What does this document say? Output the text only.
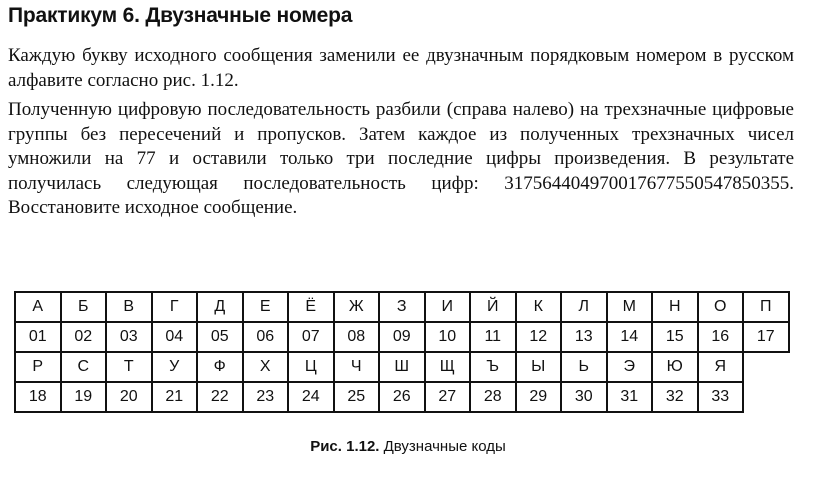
Практикум 6. Двузначные номера
Каждую букву исходного сообщения заменили ее двузначным порядковым номером в русском алфавите согласно рис. 1.12.
Полученную цифровую последовательность разбили (справа налево) на трехзначные цифровые группы без пересечений и пропусков. Затем каждое из полученных трехзначных чисел умножили на 77 и оставили только три последние цифры произведения. В результате получилась следующая последовательность цифр: 317564404970017677550547850355. Восстановите исходное сообщение.
А	Б	В	Г	Д	Е	Ё	Ж	З	И	Й	К	Л	М	Н	О	П
01	02	03	04	05	06	07	08	09	10	11	12	13	14	15	16	17
Р	С	Т	У	Ф	Х	Ц	Ч	Ш	Щ	Ъ	Ы	Ь	Э	Ю	Я	
18	19	20	21	22	23	24	25	26	27	28	29	30	31	32	33	
Рис. 1.12. Двузначные коды
